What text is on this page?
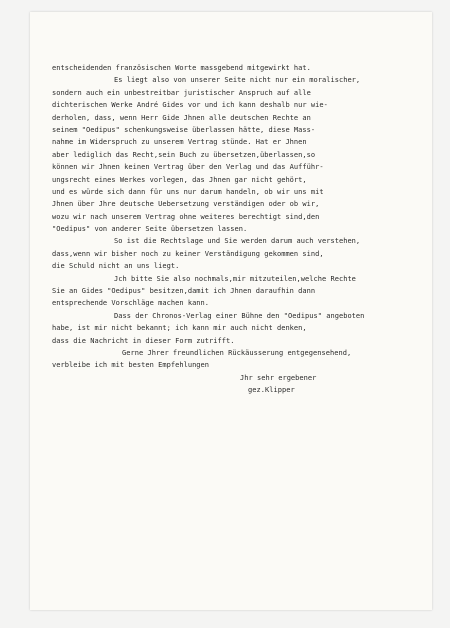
entscheidenden französischen Worte massgebend mitgewirkt hat.
Es liegt also von unserer Seite nicht nur ein moralischer,
sondern auch ein unbestreitbar juristischer Anspruch auf alle
dichterischen Werke André Gides vor und ich kann deshalb nur wie-
derholen, dass, wenn Herr Gide Jhnen alle deutschen Rechte an
seinem "Oedipus" schenkungsweise überlassen hätte, diese Mass-
nahme im Widerspruch zu unserem Vertrag stünde. Hat er Jhnen
aber lediglich das Recht,sein Buch zu übersetzen,überlassen,so
können wir Jhnen keinen Vertrag über den Verlag und das Aufführ-
ungsrecht eines Werkes vorlegen, das Jhnen gar nicht gehört,
und es würde sich dann für uns nur darum handeln, ob wir uns mit
Jhnen über Jhre deutsche Uebersetzung verständigen oder ob wir,
wozu wir nach unserem Vertrag ohne weiteres berechtigt sind,den
"Oedipus" von anderer Seite übersetzen lassen.
So ist die Rechtslage und Sie werden darum auch verstehen,
dass,wenn wir bisher noch zu keiner Verständigung gekommen sind,
die Schuld nicht an uns liegt.
Jch bitte Sie also nochmals,mir mitzuteilen,welche Rechte
Sie an Gides "Oedipus" besitzen,damit ich Jhnen daraufhin dann
entsprechende Vorschläge machen kann.
Dass der Chronos-Verlag einer Bühne den "Oedipus" angeboten
habe, ist mir nicht bekannt; ich kann mir auch nicht denken,
dass die Nachricht in dieser Form zutrifft.
Gerne Jhrer freundlichen Rückäusserung entgegensehend,
verbleibe ich mit besten Empfehlungen
Jhr sehr ergebener
gez.Klipper
